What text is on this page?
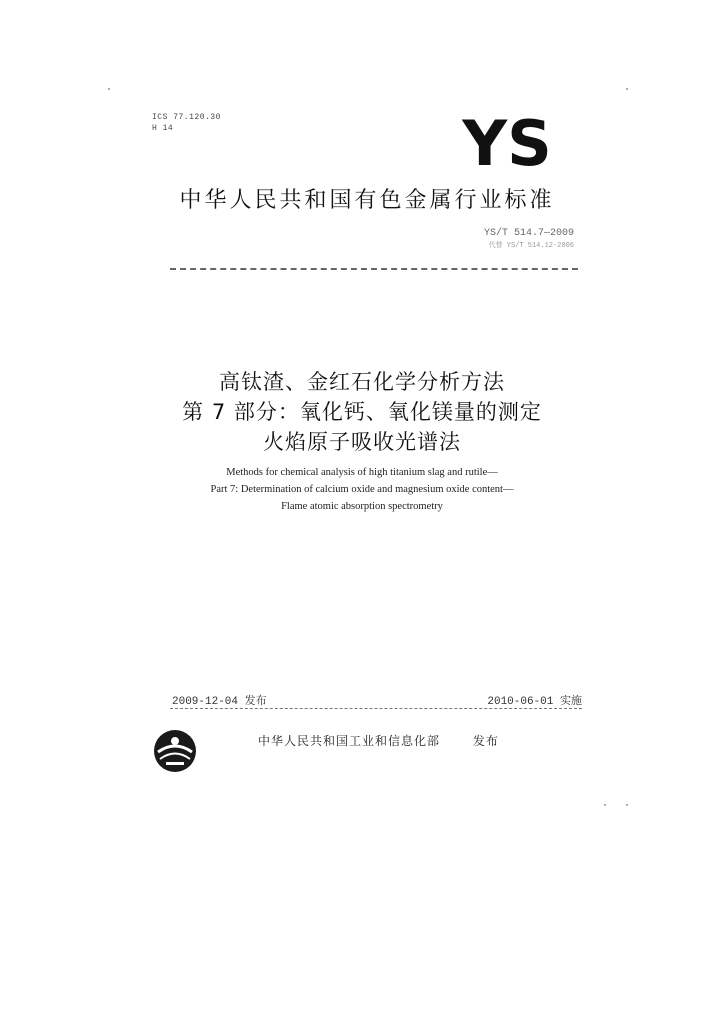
ICS 77.120.30
H 14	YS
中华人民共和国有色金属行业标准
YS/T 514.7—2009
代替 YS/T 514.12-2006
高钛渣、金红石化学分析方法
第 7 部分：氧化钙、氧化镁量的测定
火焰原子吸收光谱法
Methods for chemical analysis of high titanium slag and rutile—
Part 7: Determination of calcium oxide and magnesium oxide content—
Flame atomic absorption spectrometry
2009-12-04 发布	2010-06-01 实施
中华人民共和国工业和信息化部	发布
